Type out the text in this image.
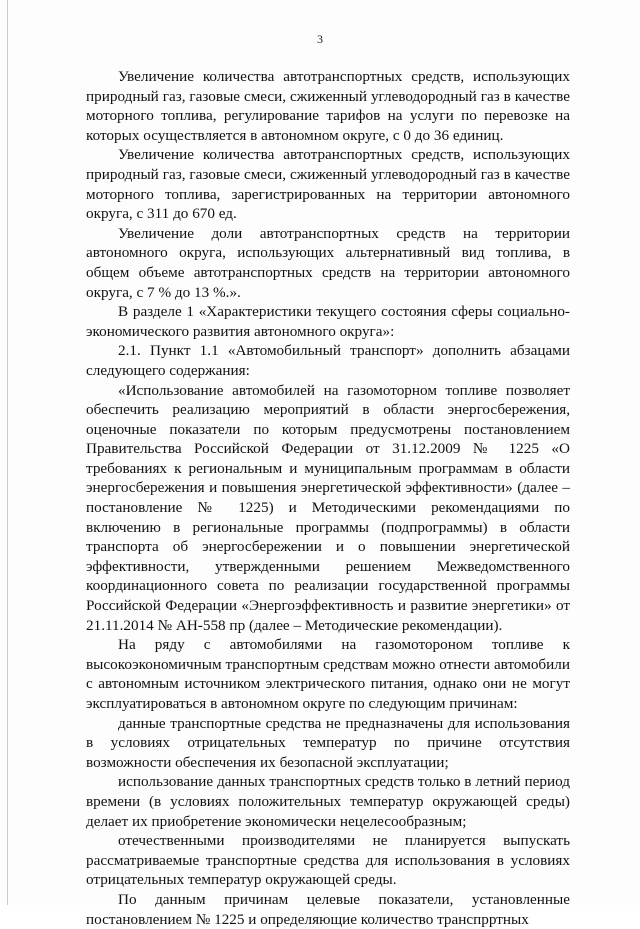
3

Увеличение количества автотранспортных средств, использующих природный газ, газовые смеси, сжиженный углеводородный газ в качестве моторного топлива, регулирование тарифов на услуги по перевозке на которых осуществляется в автономном округе, с 0 до 36 единиц.

Увеличение количества автотранспортных средств, использующих природный газ, газовые смеси, сжиженный углеводородный газ в качестве моторного топлива, зарегистрированных на территории автономного округа, с 311 до 670 ед.

Увеличение доли автотранспортных средств на территории автономного округа, использующих альтернативный вид топлива, в общем объеме автотранспортных средств на территории автономного округа, с 7 % до 13 %.».

В разделе 1 «Характеристики текущего состояния сферы социально-экономического развития автономного округа»:

2.1. Пункт 1.1 «Автомобильный транспорт» дополнить абзацами следующего содержания:

«Использование автомобилей на газомоторном топливе позволяет обеспечить реализацию мероприятий в области энергосбережения, оценочные показатели по которым предусмотрены постановлением Правительства Российской Федерации от 31.12.2009 № 1225 «О требованиях к региональным и муниципальным программам в области энергосбережения и повышения энергетической эффективности» (далее – постановление № 1225) и Методическими рекомендациями по включению в региональные программы (подпрограммы) в области транспорта об энергосбережении и о повышении энергетической эффективности, утвержденными решением Межведомственного координационного совета по реализации государственной программы Российской Федерации «Энергоэффективность и развитие энергетики» от 21.11.2014 № АН-558 пр (далее – Методические рекомендации).

На ряду с автомобилями на газомотороном топливе к высокоэкономичным транспортным средствам можно отнести автомобили с автономным источником электрического питания, однако они не могут эксплуатироваться в автономном округе по следующим причинам:

данные транспортные средства не предназначены для использования в условиях отрицательных температур по причине отсутствия возможности обеспечения их безопасной эксплуатации;

использование данных транспортных средств только в летний период времени (в условиях положительных температур окружающей среды) делает их приобретение экономически нецелесообразным;

отечественными производителями не планируется выпускать рассматриваемые транспортные средства для использования в условиях отрицательных температур окружающей среды.

По данным причинам целевые показатели, установленные постановлением № 1225 и определяющие количество транспрртных
